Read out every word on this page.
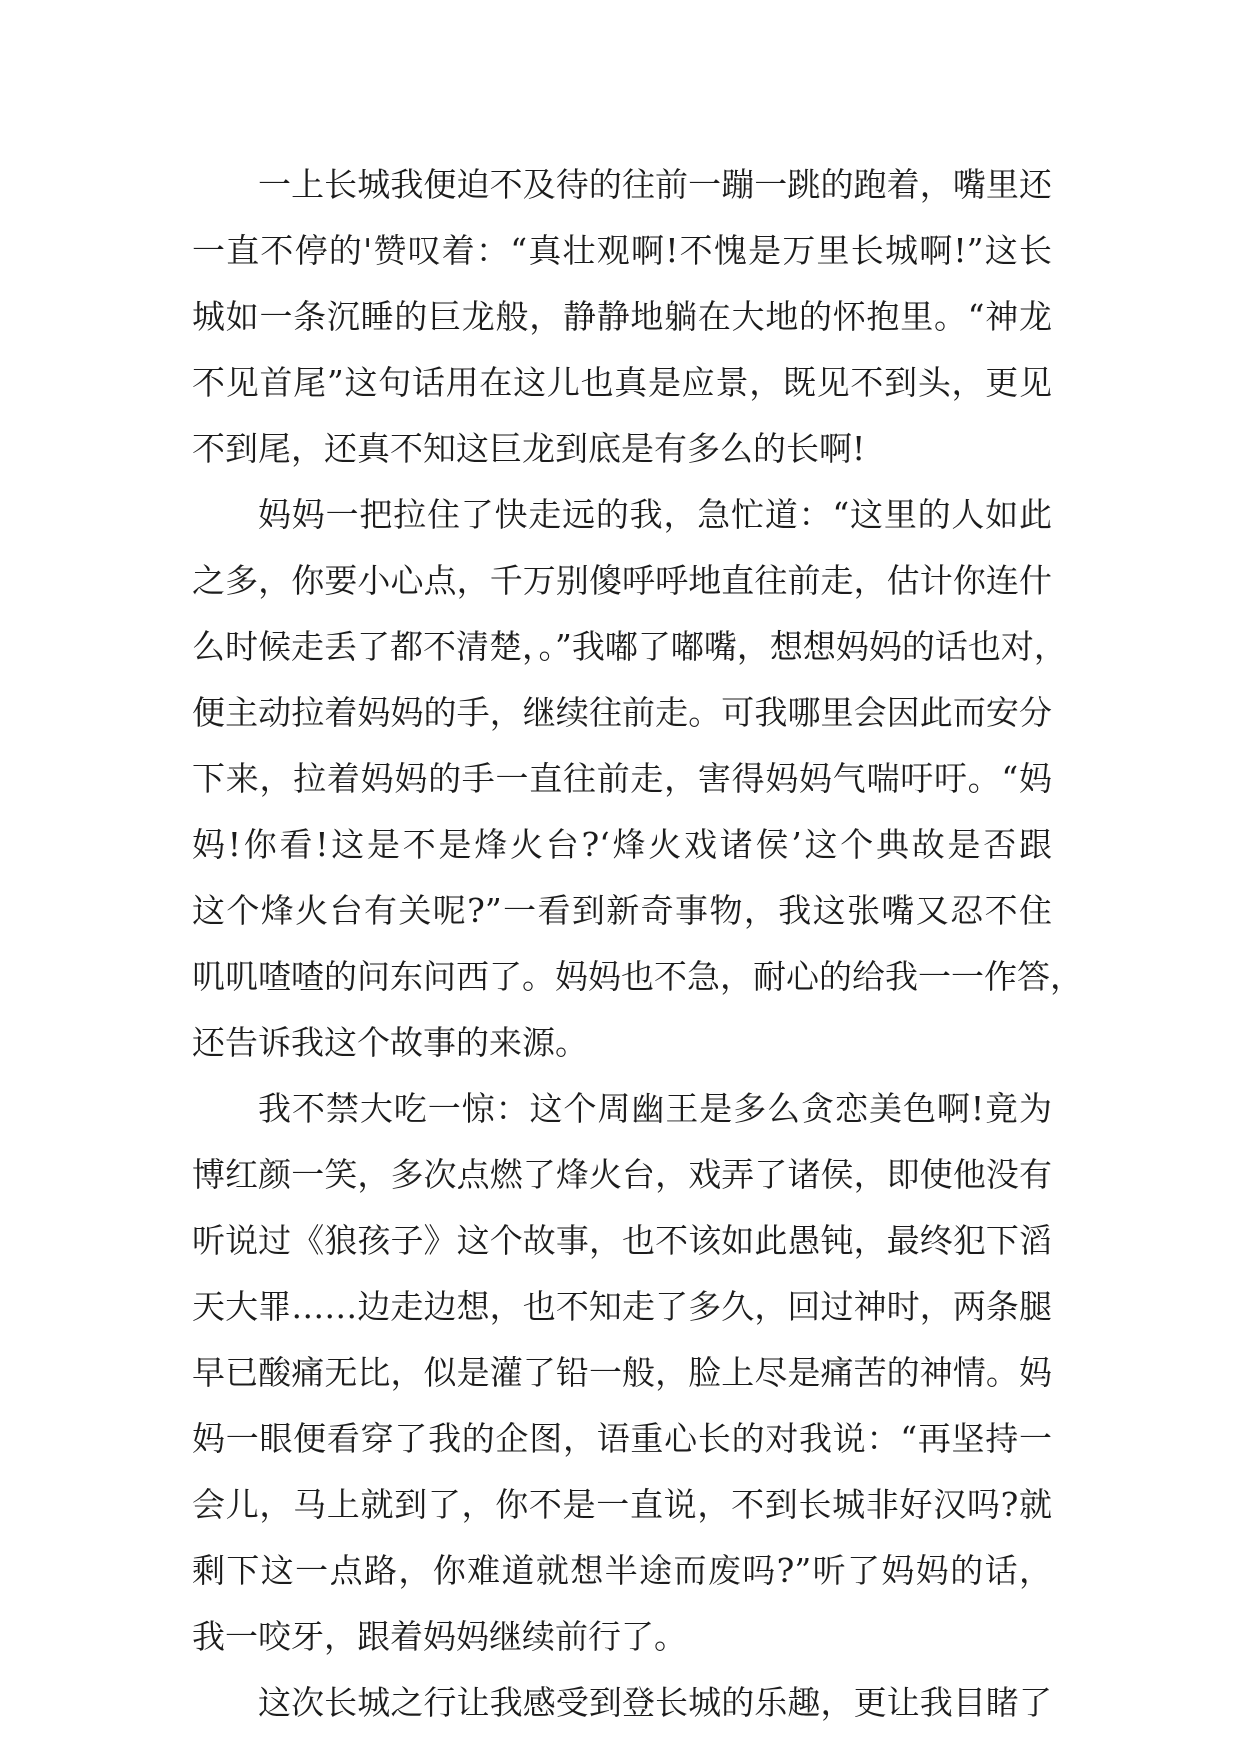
一上长城我便迫不及待的往前一蹦一跳的跑着，嘴里还
一直不停的'赞叹着：“真壮观啊!不愧是万里长城啊!”这长
城如一条沉睡的巨龙般，静静地躺在大地的怀抱里。“神龙
不见首尾”这句话用在这儿也真是应景，既见不到头，更见
不到尾，还真不知这巨龙到底是有多么的长啊!
妈妈一把拉住了快走远的我，急忙道：“这里的人如此
之多，你要小心点，千万别傻呼呼地直往前走，估计你连什
么时候走丢了都不清楚，。”我嘟了嘟嘴，想想妈妈的话也对，
便主动拉着妈妈的手，继续往前走。可我哪里会因此而安分
下来，拉着妈妈的手一直往前走，害得妈妈气喘吁吁。“妈
妈!你看!这是不是烽火台?‘烽火戏诸侯’这个典故是否跟
这个烽火台有关呢?”一看到新奇事物，我这张嘴又忍不住
叽叽喳喳的问东问西了。妈妈也不急，耐心的给我一一作答，
还告诉我这个故事的来源。
我不禁大吃一惊：这个周幽王是多么贪恋美色啊!竟为
博红颜一笑，多次点燃了烽火台，戏弄了诸侯，即使他没有
听说过《狼孩子》这个故事，也不该如此愚钝，最终犯下滔
天大罪……边走边想，也不知走了多久，回过神时，两条腿
早已酸痛无比，似是灌了铅一般，脸上尽是痛苦的神情。妈
妈一眼便看穿了我的企图，语重心长的对我说：“再坚持一
会儿，马上就到了，你不是一直说，不到长城非好汉吗?就
剩下这一点路，你难道就想半途而废吗?”听了妈妈的话，
我一咬牙，跟着妈妈继续前行了。
这次长城之行让我感受到登长城的乐趣，更让我目睹了
